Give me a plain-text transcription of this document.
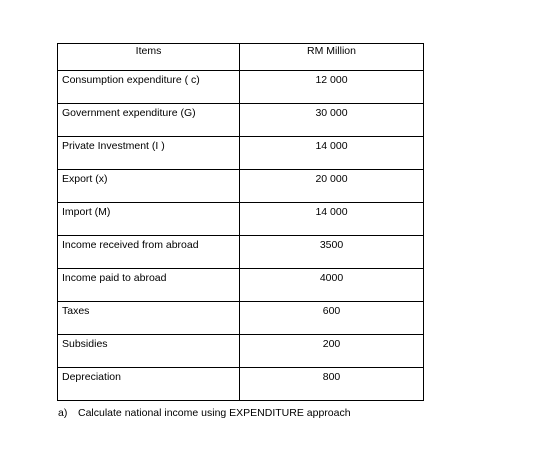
Items	RM Million
Consumption expenditure ( c)	12 000
Government expenditure (G)	30 000
Private Investment (I )	14 000
Export (x)	20 000
Import (M)	14 000
Income received from abroad	3500
Income paid to abroad	4000
Taxes	600
Subsidies	200
Depreciation	800
a) Calculate national income using EXPENDITURE approach
